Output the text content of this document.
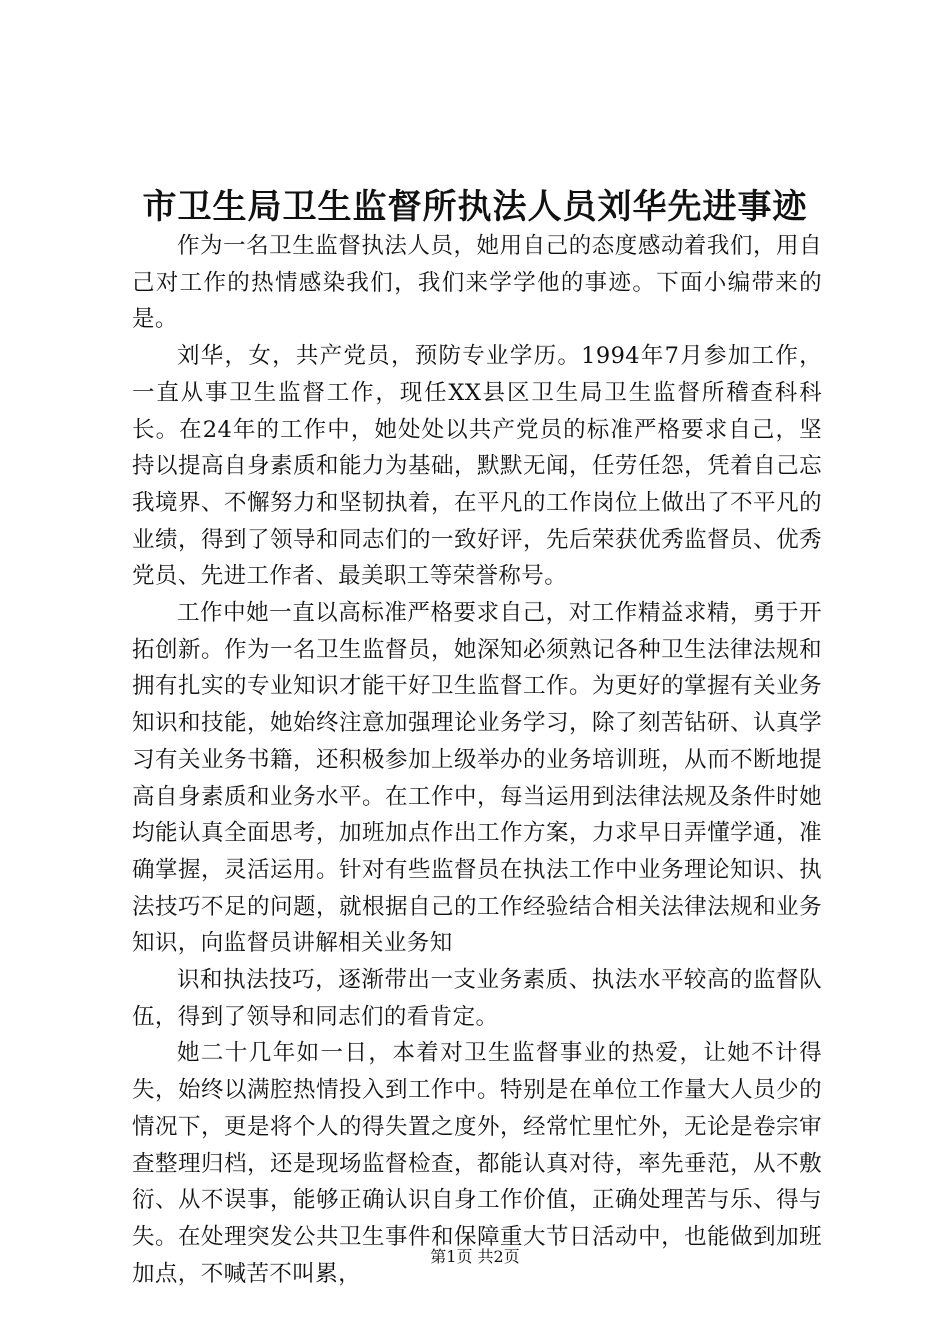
市卫生局卫生监督所执法人员刘华先进事迹

作为一名卫生监督执法人员，她用自己的态度感动着我们，用自己对工作的热情感染我们，我们来学学他的事迹。下面小编带来的是。

刘华，女，共产党员，预防专业学历。1994年7月参加工作，一直从事卫生监督工作，现任XX县区卫生局卫生监督所稽查科科长。在24年的工作中，她处处以共产党员的标准严格要求自己，坚持以提高自身素质和能力为基础，默默无闻，任劳任怨，凭着自己忘我境界、不懈努力和坚韧执着，在平凡的工作岗位上做出了不平凡的业绩，得到了领导和同志们的一致好评，先后荣获优秀监督员、优秀党员、先进工作者、最美职工等荣誉称号。

工作中她一直以高标准严格要求自己，对工作精益求精，勇于开拓创新。作为一名卫生监督员，她深知必须熟记各种卫生法律法规和拥有扎实的专业知识才能干好卫生监督工作。为更好的掌握有关业务知识和技能，她始终注意加强理论业务学习，除了刻苦钻研、认真学习有关业务书籍，还积极参加上级举办的业务培训班，从而不断地提高自身素质和业务水平。在工作中，每当运用到法律法规及条件时她均能认真全面思考，加班加点作出工作方案，力求早日弄懂学通，准确掌握，灵活运用。针对有些监督员在执法工作中业务理论知识、执法技巧不足的问题，就根据自己的工作经验结合相关法律法规和业务知识，向监督员讲解相关业务知

识和执法技巧，逐渐带出一支业务素质、执法水平较高的监督队伍，得到了领导和同志们的看肯定。

她二十几年如一日，本着对卫生监督事业的热爱，让她不计得失，始终以满腔热情投入到工作中。特别是在单位工作量大人员少的情况下，更是将个人的得失置之度外，经常忙里忙外，无论是卷宗审查整理归档，还是现场监督检查，都能认真对待，率先垂范，从不敷衍、从不误事，能够正确认识自身工作价值，正确处理苦与乐、得与失。在处理突发公共卫生事件和保障重大节日活动中，也能做到加班加点，不喊苦不叫累，

第1页 共2页
